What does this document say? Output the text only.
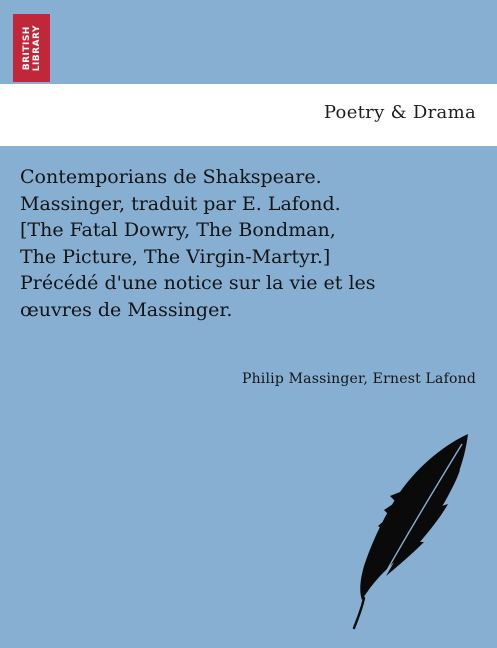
BRITISH
LIBRARY
Poetry & Drama

Contemporians de Shakspeare.
Massinger, traduit par E. Lafond.
[The Fatal Dowry, The Bondman,
The Picture, The Virgin-Martyr.]
Précédé d'une notice sur la vie et les
œuvres de Massinger.

Philip Massinger, Ernest Lafond
